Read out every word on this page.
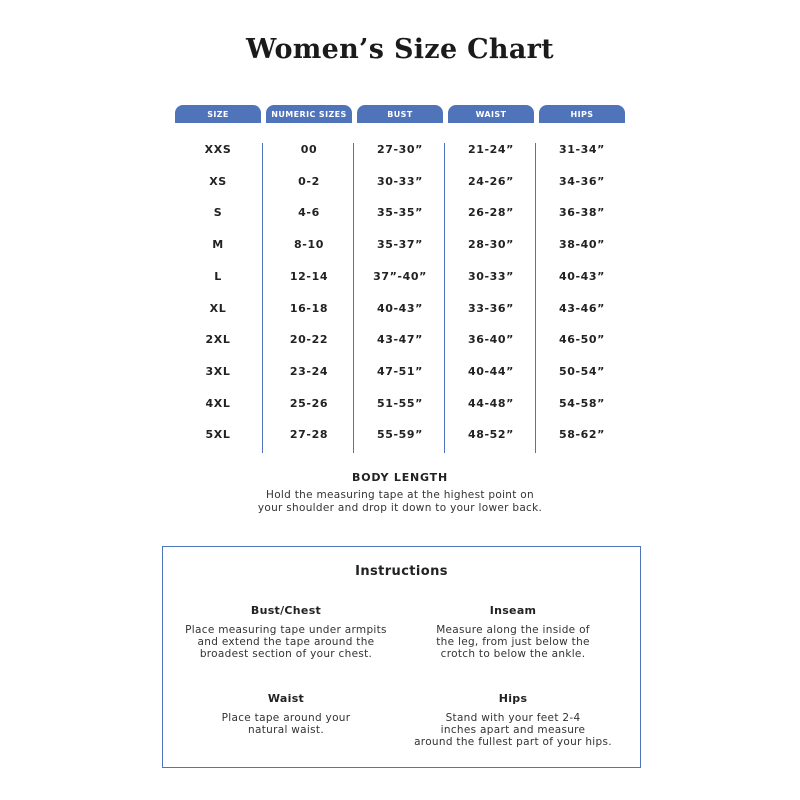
Women’s Size Chart
SIZE	NUMERIC SIZES	BUST	WAIST	HIPS
XXS	00	27-30”	21-24”	31-34”
XS	0-2	30-33”	24-26”	34-36”
S	4-6	35-35”	26-28”	36-38”
M	8-10	35-37”	28-30”	38-40”
L	12-14	37”-40”	30-33”	40-43”
XL	16-18	40-43”	33-36”	43-46”
2XL	20-22	43-47”	36-40”	46-50”
3XL	23-24	47-51”	40-44”	50-54”
4XL	25-26	51-55”	44-48”	54-58”
5XL	27-28	55-59”	48-52”	58-62”
BODY LENGTH
Hold the measuring tape at the highest point on
your shoulder and drop it down to your lower back.
Instructions
Bust/Chest
Place measuring tape under armpits
and extend the tape around the
broadest section of your chest.
Inseam
Measure along the inside of
the leg, from just below the
crotch to below the ankle.
Waist
Place tape around your
natural waist.
Hips
Stand with your feet 2-4
inches apart and measure
around the fullest part of your hips.
